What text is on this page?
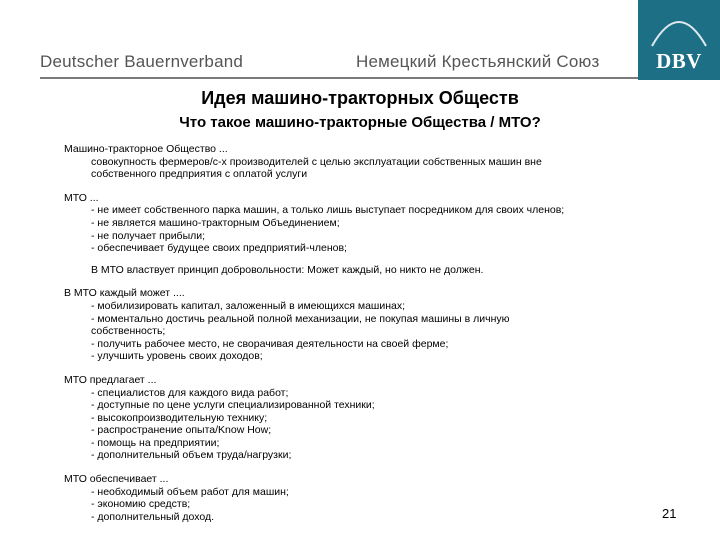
Deutscher Bauernverband	Немецкий Крестьянский Союз	DBV
Идея машино-тракторных Обществ
Что такое машино-тракторные Общества / МТО?
Машино-тракторное Общество ...
совокупность фермеров/с-х производителей с целью эксплуатации собственных машин вне
собственного предприятия с оплатой услуги
МТО ...
- не имеет собственного парка машин, а только лишь выступает посредником для своих членов;
- не является машино-тракторным Объединением;
- не получает прибыли;
- обеспечивает будущее своих предприятий-членов;
В МТО властвует принцип добровольности: Может каждый, но никто не должен.
В МТО каждый может ....
- мобилизировать капитал, заложенный в имеющихся машинах;
- моментально достичь реальной полной механизации, не покупая машины в личную
собственность;
- получить рабочее место, не сворачивая деятельности на своей ферме;
- улучшить уровень своих доходов;
МТО предлагает ...
- специалистов для каждого вида работ;
- доступные по цене услуги специализированной техники;
- высокопроизводительную технику;
- распространение опыта/Know How;
- помощь на предприятии;
- дополнительный объем труда/нагрузки;
МТО обеспечивает ...
- необходимый объем работ для машин;
- экономию средств;
- дополнительный доход.	21
